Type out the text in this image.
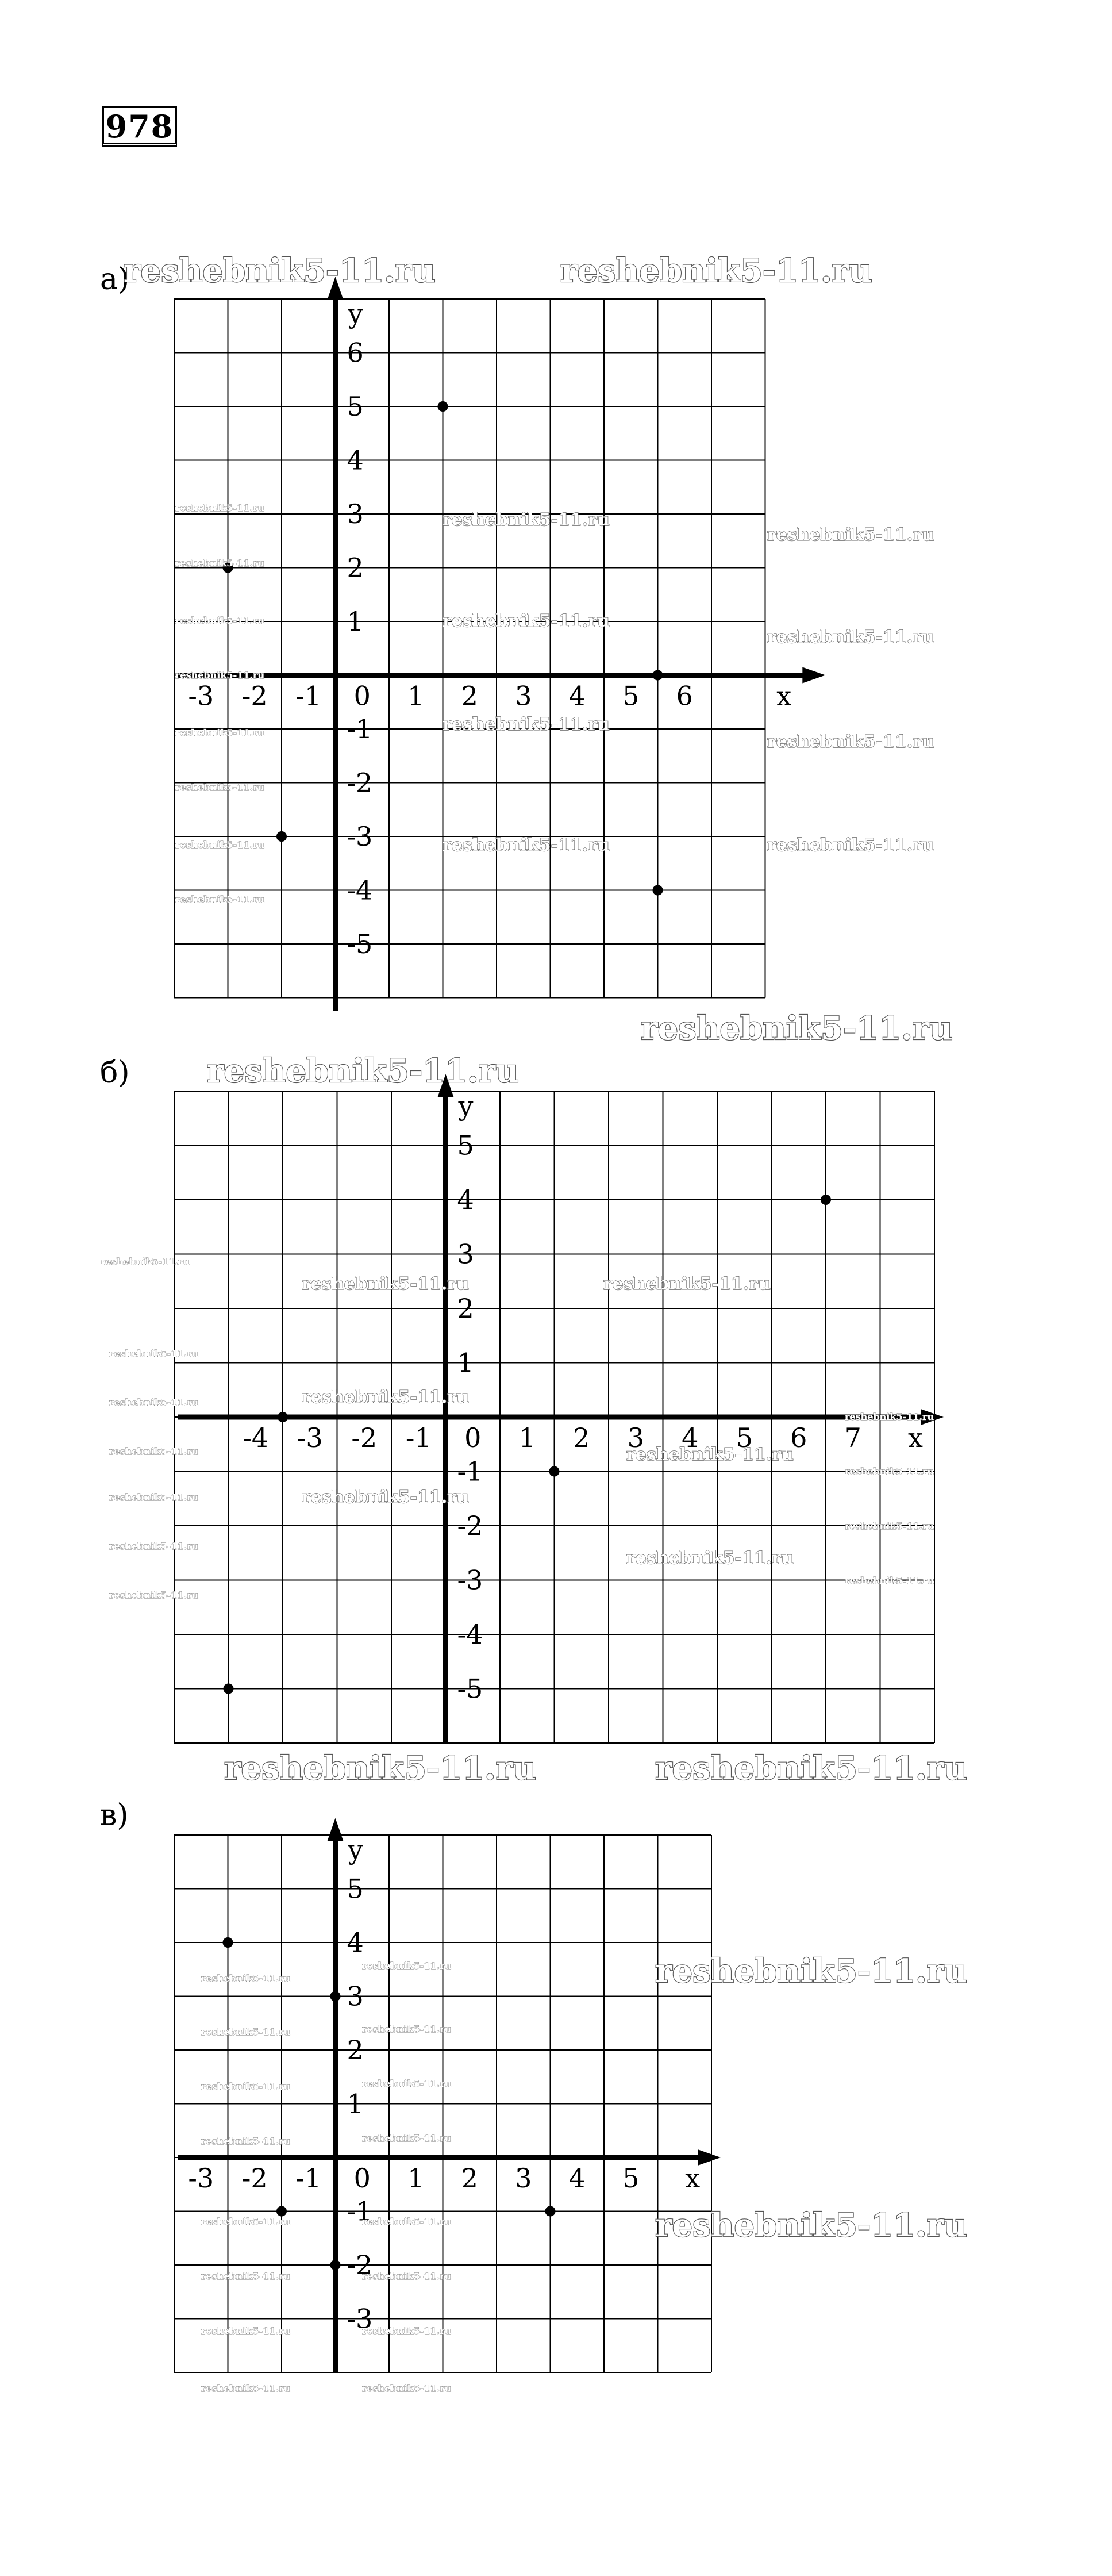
978
а)
x
y
-3 -2 -1 0 1 2 3 4 5 6
6
5
4
3
2
1
-1
-2
-3
-4
-5
б)
x
y
-4 -3 -2 -1 0 1 2 3 4 5 6 7
5
4
3
2
1
-1
-2
-3
-4
-5
в)
x
y
-3 -2 -1 0 1 2 3 4 5
5
4
3
2
1
-1
-2
-3
reshebnik5-11.ru	reshebnik5-11.ru
reshebnik5-11.ru
reshebnik5-11.ru
reshebnik5-11.ru	reshebnik5-11.ru
reshebnik5-11.ru
reshebnik5-11.ru
reshebnik5-11.ru
reshebnik5-11.ru
reshebnik5-11.ru
reshebnik5-11.ru
reshebnik5-11.ru
reshebnik5-11.ru
reshebnik5-11.ru
reshebnik5-11.ru
reshebnik5-11.ru
reshebnik5-11.ru
reshebnik5-11.ru
reshebnik5-11.ru
reshebnik5-11.ru
reshebnik5-11.ru
reshebnik5-11.ru
reshebnik5-11.ru
reshebnik5-11.ru
reshebnik5-11.ru
reshebnik5-11.ru
reshebnik5-11.ru
reshebnik5-11.ru
reshebnik5-11.ru
reshebnik5-11.ru
reshebnik5-11.ru
reshebnik5-11.ru
reshebnik5-11.ru
reshebnik5-11.ru
reshebnik5-11.ru
reshebnik5-11.ru
reshebnik5-11.ru
reshebnik5-11.ru
reshebnik5-11.ru
reshebnik5-11.ru
reshebnik5-11.ru
reshebnik5-11.ru
reshebnik5-11.ru
reshebnik5-11.ru
reshebnik5-11.ru
reshebnik5-11.ru
reshebnik5-11.ru
reshebnik5-11.ru
reshebnik5-11.ru
reshebnik5-11.ru
reshebnik5-11.ru
reshebnik5-11.ru
reshebnik5-11.ru
reshebnik5-11.ru
reshebnik5-11.ru
reshebnik5-11.ru
